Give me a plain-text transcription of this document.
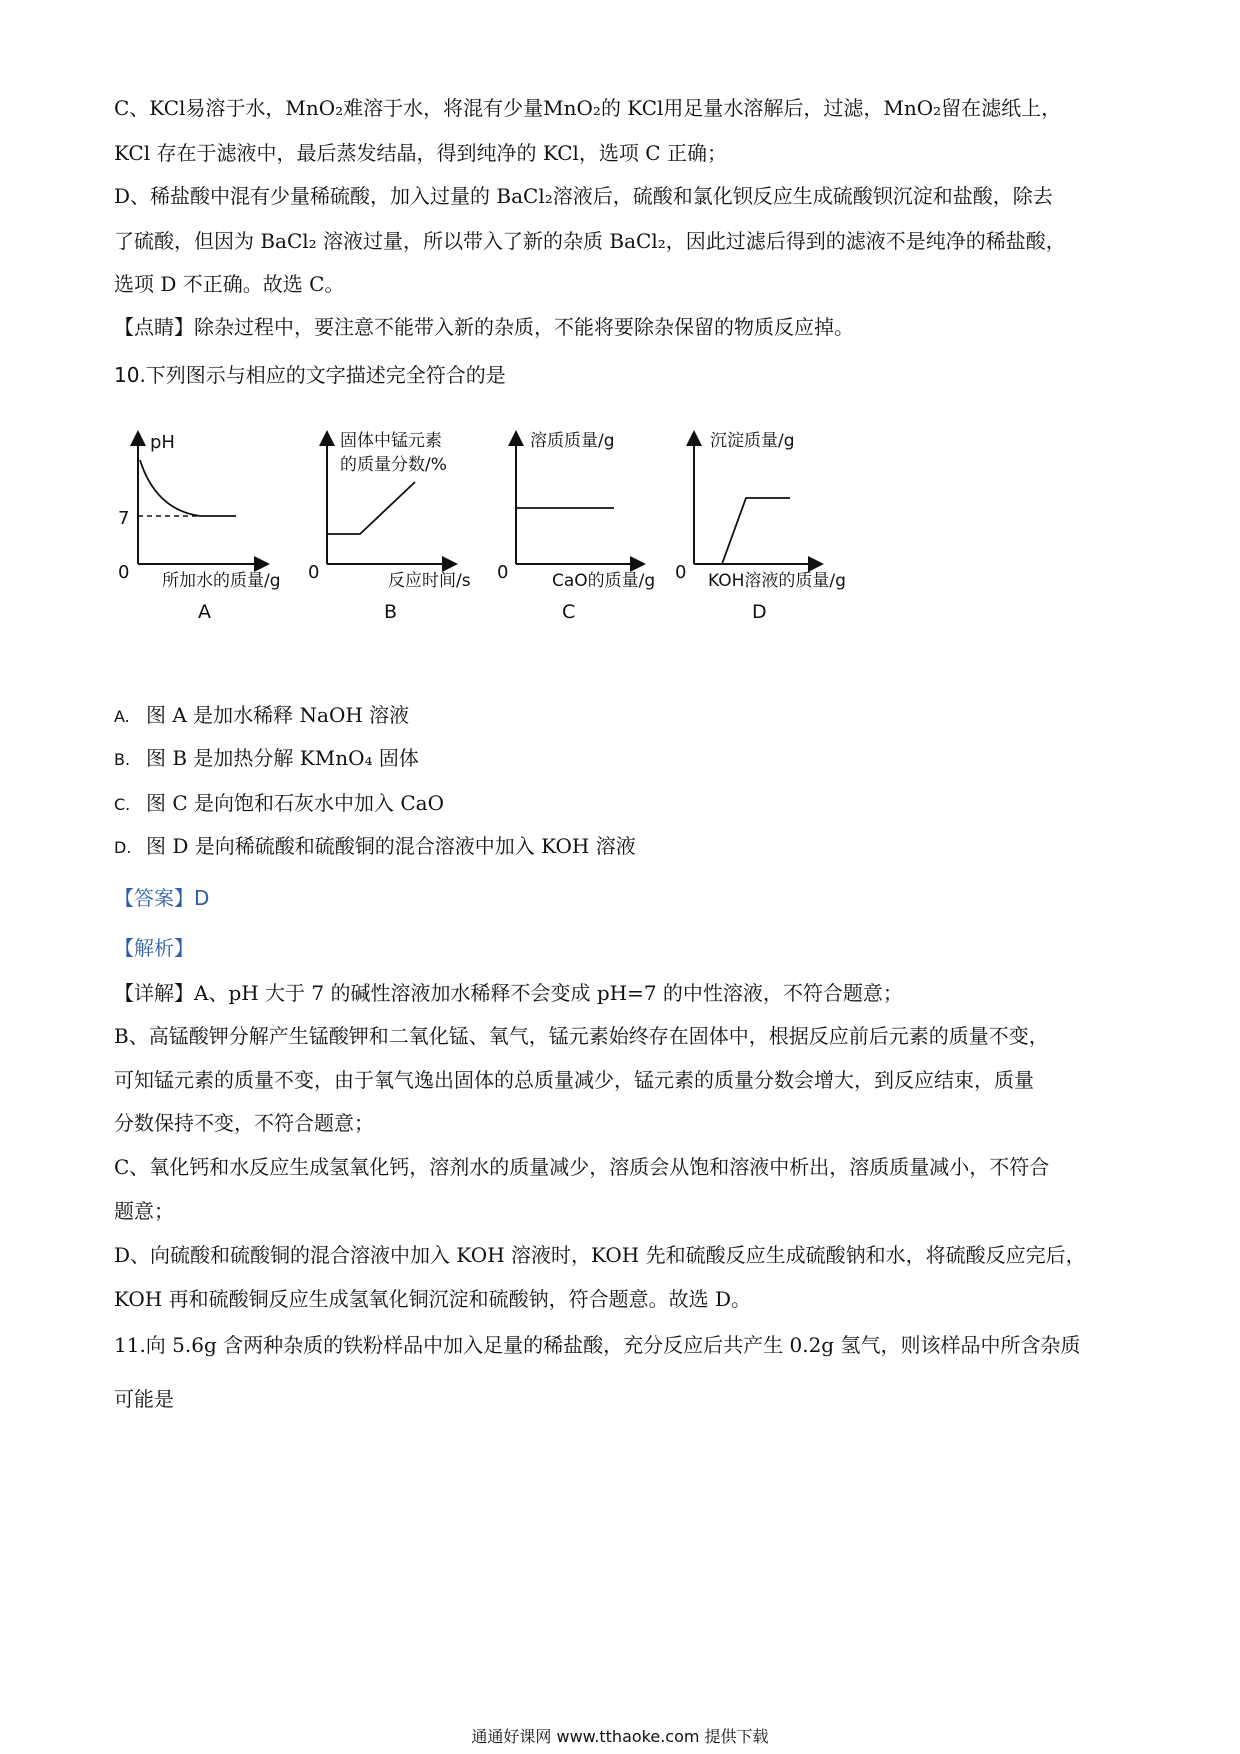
C、KCl易溶于水，MnO₂难溶于水，将混有少量MnO₂的 KCl用足量水溶解后，过滤，MnO₂留在滤纸上，
KCl 存在于滤液中，最后蒸发结晶，得到纯净的 KCl，选项 C 正确；
D、稀盐酸中混有少量稀硫酸，加入过量的 BaCl₂溶液后，硫酸和氯化钡反应生成硫酸钡沉淀和盐酸，除去
了硫酸，但因为 BaCl₂ 溶液过量，所以带入了新的杂质 BaCl₂，因此过滤后得到的滤液不是纯净的稀盐酸，
选项 D 不正确。故选 C。
【点睛】除杂过程中，要注意不能带入新的杂质，不能将要除杂保留的物质反应掉。
10.下列图示与相应的文字描述完全符合的是
pH
7
0 所加水的质量/g
A
固体中锰元素
的质量分数/%
0	反应时间/s
B
溶质质量/g
0	CaO的质量/g
C
沉淀质量/g
0 KOH溶液的质量/g
D
A. 图 A 是加水稀释 NaOH 溶液
B. 图 B 是加热分解 KMnO₄ 固体
C. 图 C 是向饱和石灰水中加入 CaO
D. 图 D 是向稀硫酸和硫酸铜的混合溶液中加入 KOH 溶液
【答案】D
【解析】
【详解】A、pH 大于 7 的碱性溶液加水稀释不会变成 pH=7 的中性溶液，不符合题意；
B、高锰酸钾分解产生锰酸钾和二氧化锰、氧气，锰元素始终存在固体中，根据反应前后元素的质量不变，
可知锰元素的质量不变，由于氧气逸出固体的总质量减少，锰元素的质量分数会增大，到反应结束，质量
分数保持不变，不符合题意；
C、氧化钙和水反应生成氢氧化钙，溶剂水的质量减少，溶质会从饱和溶液中析出，溶质质量减小，不符合
题意；
D、向硫酸和硫酸铜的混合溶液中加入 KOH 溶液时，KOH 先和硫酸反应生成硫酸钠和水，将硫酸反应完后，
KOH 再和硫酸铜反应生成氢氧化铜沉淀和硫酸钠，符合题意。故选 D。
11.向 5.6g 含两种杂质的铁粉样品中加入足量的稀盐酸，充分反应后共产生 0.2g 氢气，则该样品中所含杂质
可能是
通通好课网 www.tthaoke.com 提供下载
